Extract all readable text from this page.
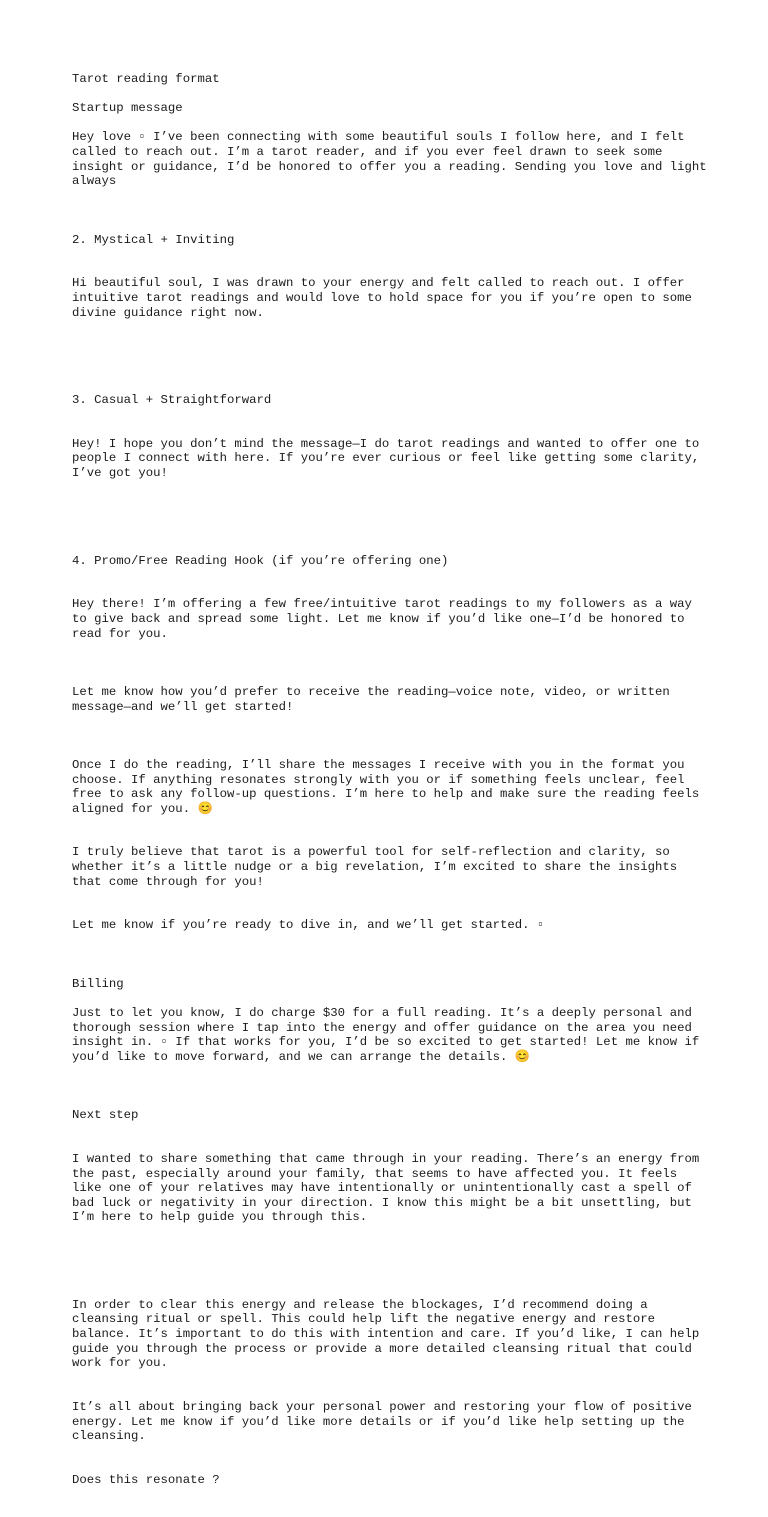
Tarot reading format

Startup message

Hey love ▫ I’ve been connecting with some beautiful souls I follow here, and I felt called to reach out. I’m a tarot reader, and if you ever feel drawn to seek some insight or guidance, I’d be honored to offer you a reading. Sending you love and light always

2. Mystical + Inviting

Hi beautiful soul, I was drawn to your energy and felt called to reach out. I offer intuitive tarot readings and would love to hold space for you if you’re open to some divine guidance right now.

3. Casual + Straightforward

Hey! I hope you don’t mind the message—I do tarot readings and wanted to offer one to people I connect with here. If you’re ever curious or feel like getting some clarity, I’ve got you!

4. Promo/Free Reading Hook (if you’re offering one)

Hey there! I’m offering a few free/intuitive tarot readings to my followers as a way to give back and spread some light. Let me know if you’d like one—I’d be honored to read for you.

Let me know how you’d prefer to receive the reading—voice note, video, or written message—and we’ll get started!

Once I do the reading, I’ll share the messages I receive with you in the format you choose. If anything resonates strongly with you or if something feels unclear, feel free to ask any follow-up questions. I’m here to help and make sure the reading feels aligned for you. 😊

I truly believe that tarot is a powerful tool for self-reflection and clarity, so whether it’s a little nudge or a big revelation, I’m excited to share the insights that come through for you!

Let me know if you’re ready to dive in, and we’ll get started. ▫

Billing

Just to let you know, I do charge $30 for a full reading. It’s a deeply personal and thorough session where I tap into the energy and offer guidance on the area you need insight in. ▫ If that works for you, I’d be so excited to get started! Let me know if you’d like to move forward, and we can arrange the details. 😊

Next step

I wanted to share something that came through in your reading. There’s an energy from the past, especially around your family, that seems to have affected you. It feels like one of your relatives may have intentionally or unintentionally cast a spell of bad luck or negativity in your direction. I know this might be a bit unsettling, but I’m here to help guide you through this.

In order to clear this energy and release the blockages, I’d recommend doing a cleansing ritual or spell. This could help lift the negative energy and restore balance. It’s important to do this with intention and care. If you’d like, I can help guide you through the process or provide a more detailed cleansing ritual that could work for you.

It’s all about bringing back your personal power and restoring your flow of positive energy. Let me know if you’d like more details or if you’d like help setting up the cleansing.

Does this resonate ?
